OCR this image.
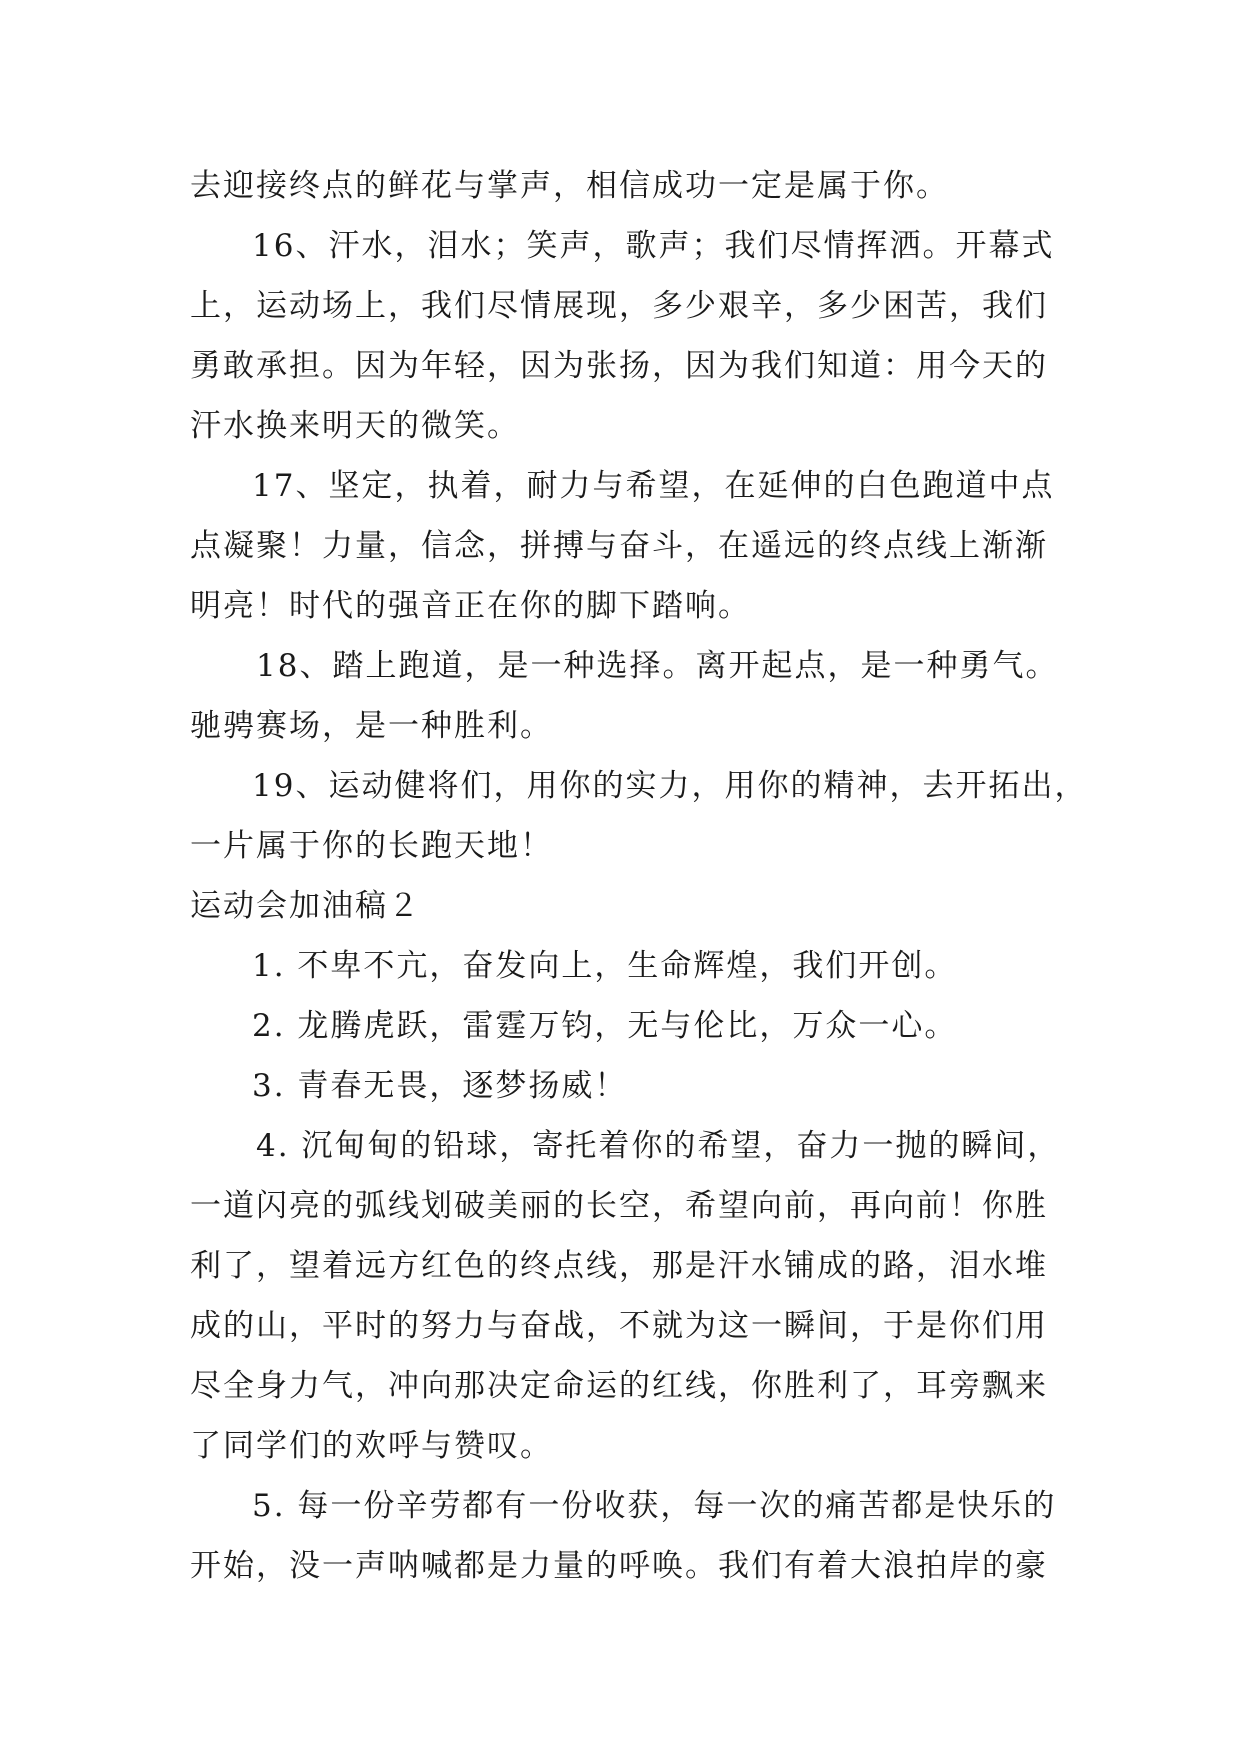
去迎接终点的鲜花与掌声，相信成功一定是属于你。
16、汗水，泪水；笑声，歌声；我们尽情挥洒。开幕式
上，运动场上，我们尽情展现，多少艰辛，多少困苦，我们
勇敢承担。因为年轻，因为张扬，因为我们知道：用今天的
汗水换来明天的微笑。
17、坚定，执着，耐力与希望，在延伸的白色跑道中点
点凝聚！力量，信念，拼搏与奋斗，在遥远的终点线上渐渐
明亮！时代的强音正在你的脚下踏响。
18、踏上跑道，是一种选择。离开起点，是一种勇气。
驰骋赛场，是一种胜利。
19、运动健将们，用你的实力，用你的精神，去开拓出，
一片属于你的长跑天地！
运动会加油稿２
1. 不卑不亢，奋发向上，生命辉煌，我们开创。
2. 龙腾虎跃，雷霆万钧，无与伦比，万众一心。
3. 青春无畏，逐梦扬威！
4. 沉甸甸的铅球，寄托着你的希望，奋力一抛的瞬间，
一道闪亮的弧线划破美丽的长空，希望向前，再向前！你胜
利了，望着远方红色的终点线，那是汗水铺成的路，泪水堆
成的山，平时的努力与奋战，不就为这一瞬间，于是你们用
尽全身力气，冲向那决定命运的红线，你胜利了，耳旁飘来
了同学们的欢呼与赞叹。
5. 每一份辛劳都有一份收获，每一次的痛苦都是快乐的
开始，没一声呐喊都是力量的呼唤。我们有着大浪拍岸的豪
